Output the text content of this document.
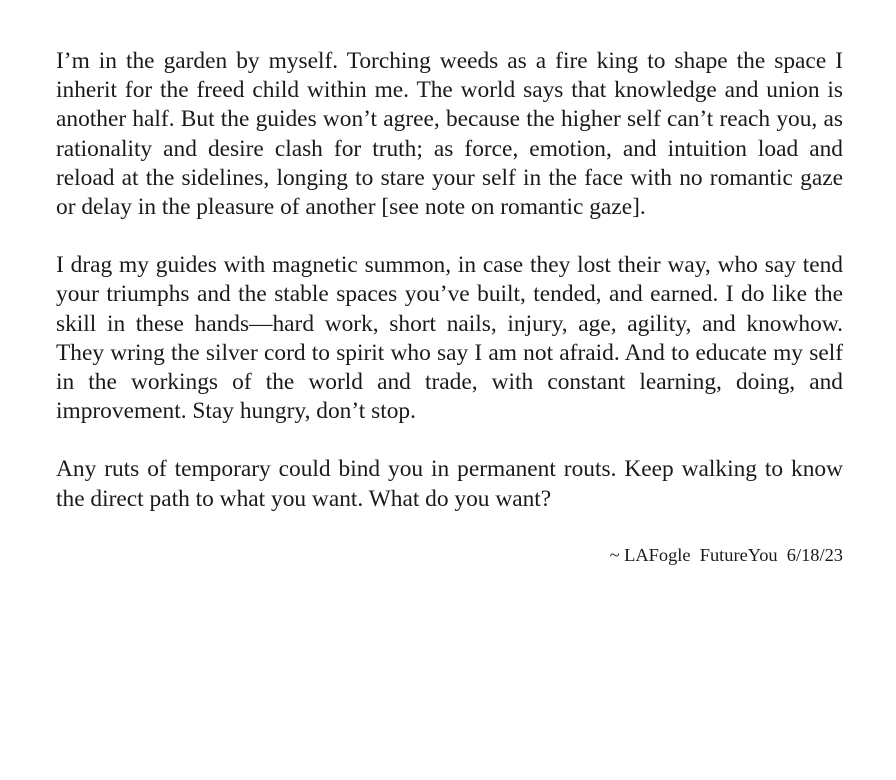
I’m in the garden by myself. Torching weeds as a fire king to shape the space I inherit for the freed child within me. The world says that knowledge and union is another half. But the guides won’t agree, because the higher self can’t reach you, as rationality and desire clash for truth; as force, emotion, and intuition load and reload at the sidelines, longing to stare your self in the face with no romantic gaze or delay in the pleasure of another [see note on romantic gaze].

I drag my guides with magnetic summon, in case they lost their way, who say tend your triumphs and the stable spaces you’ve built, tended, and earned. I do like the skill in these hands—hard work, short nails, injury, age, agility, and knowhow. They wring the silver cord to spirit who say I am not afraid. And to educate my self in the workings of the world and trade, with constant learning, doing, and improvement. Stay hungry, don’t stop.

Any ruts of temporary could bind you in permanent routs. Keep walking to know the direct path to what you want. What do you want?

~ LAFogle  FutureYou  6/18/23
